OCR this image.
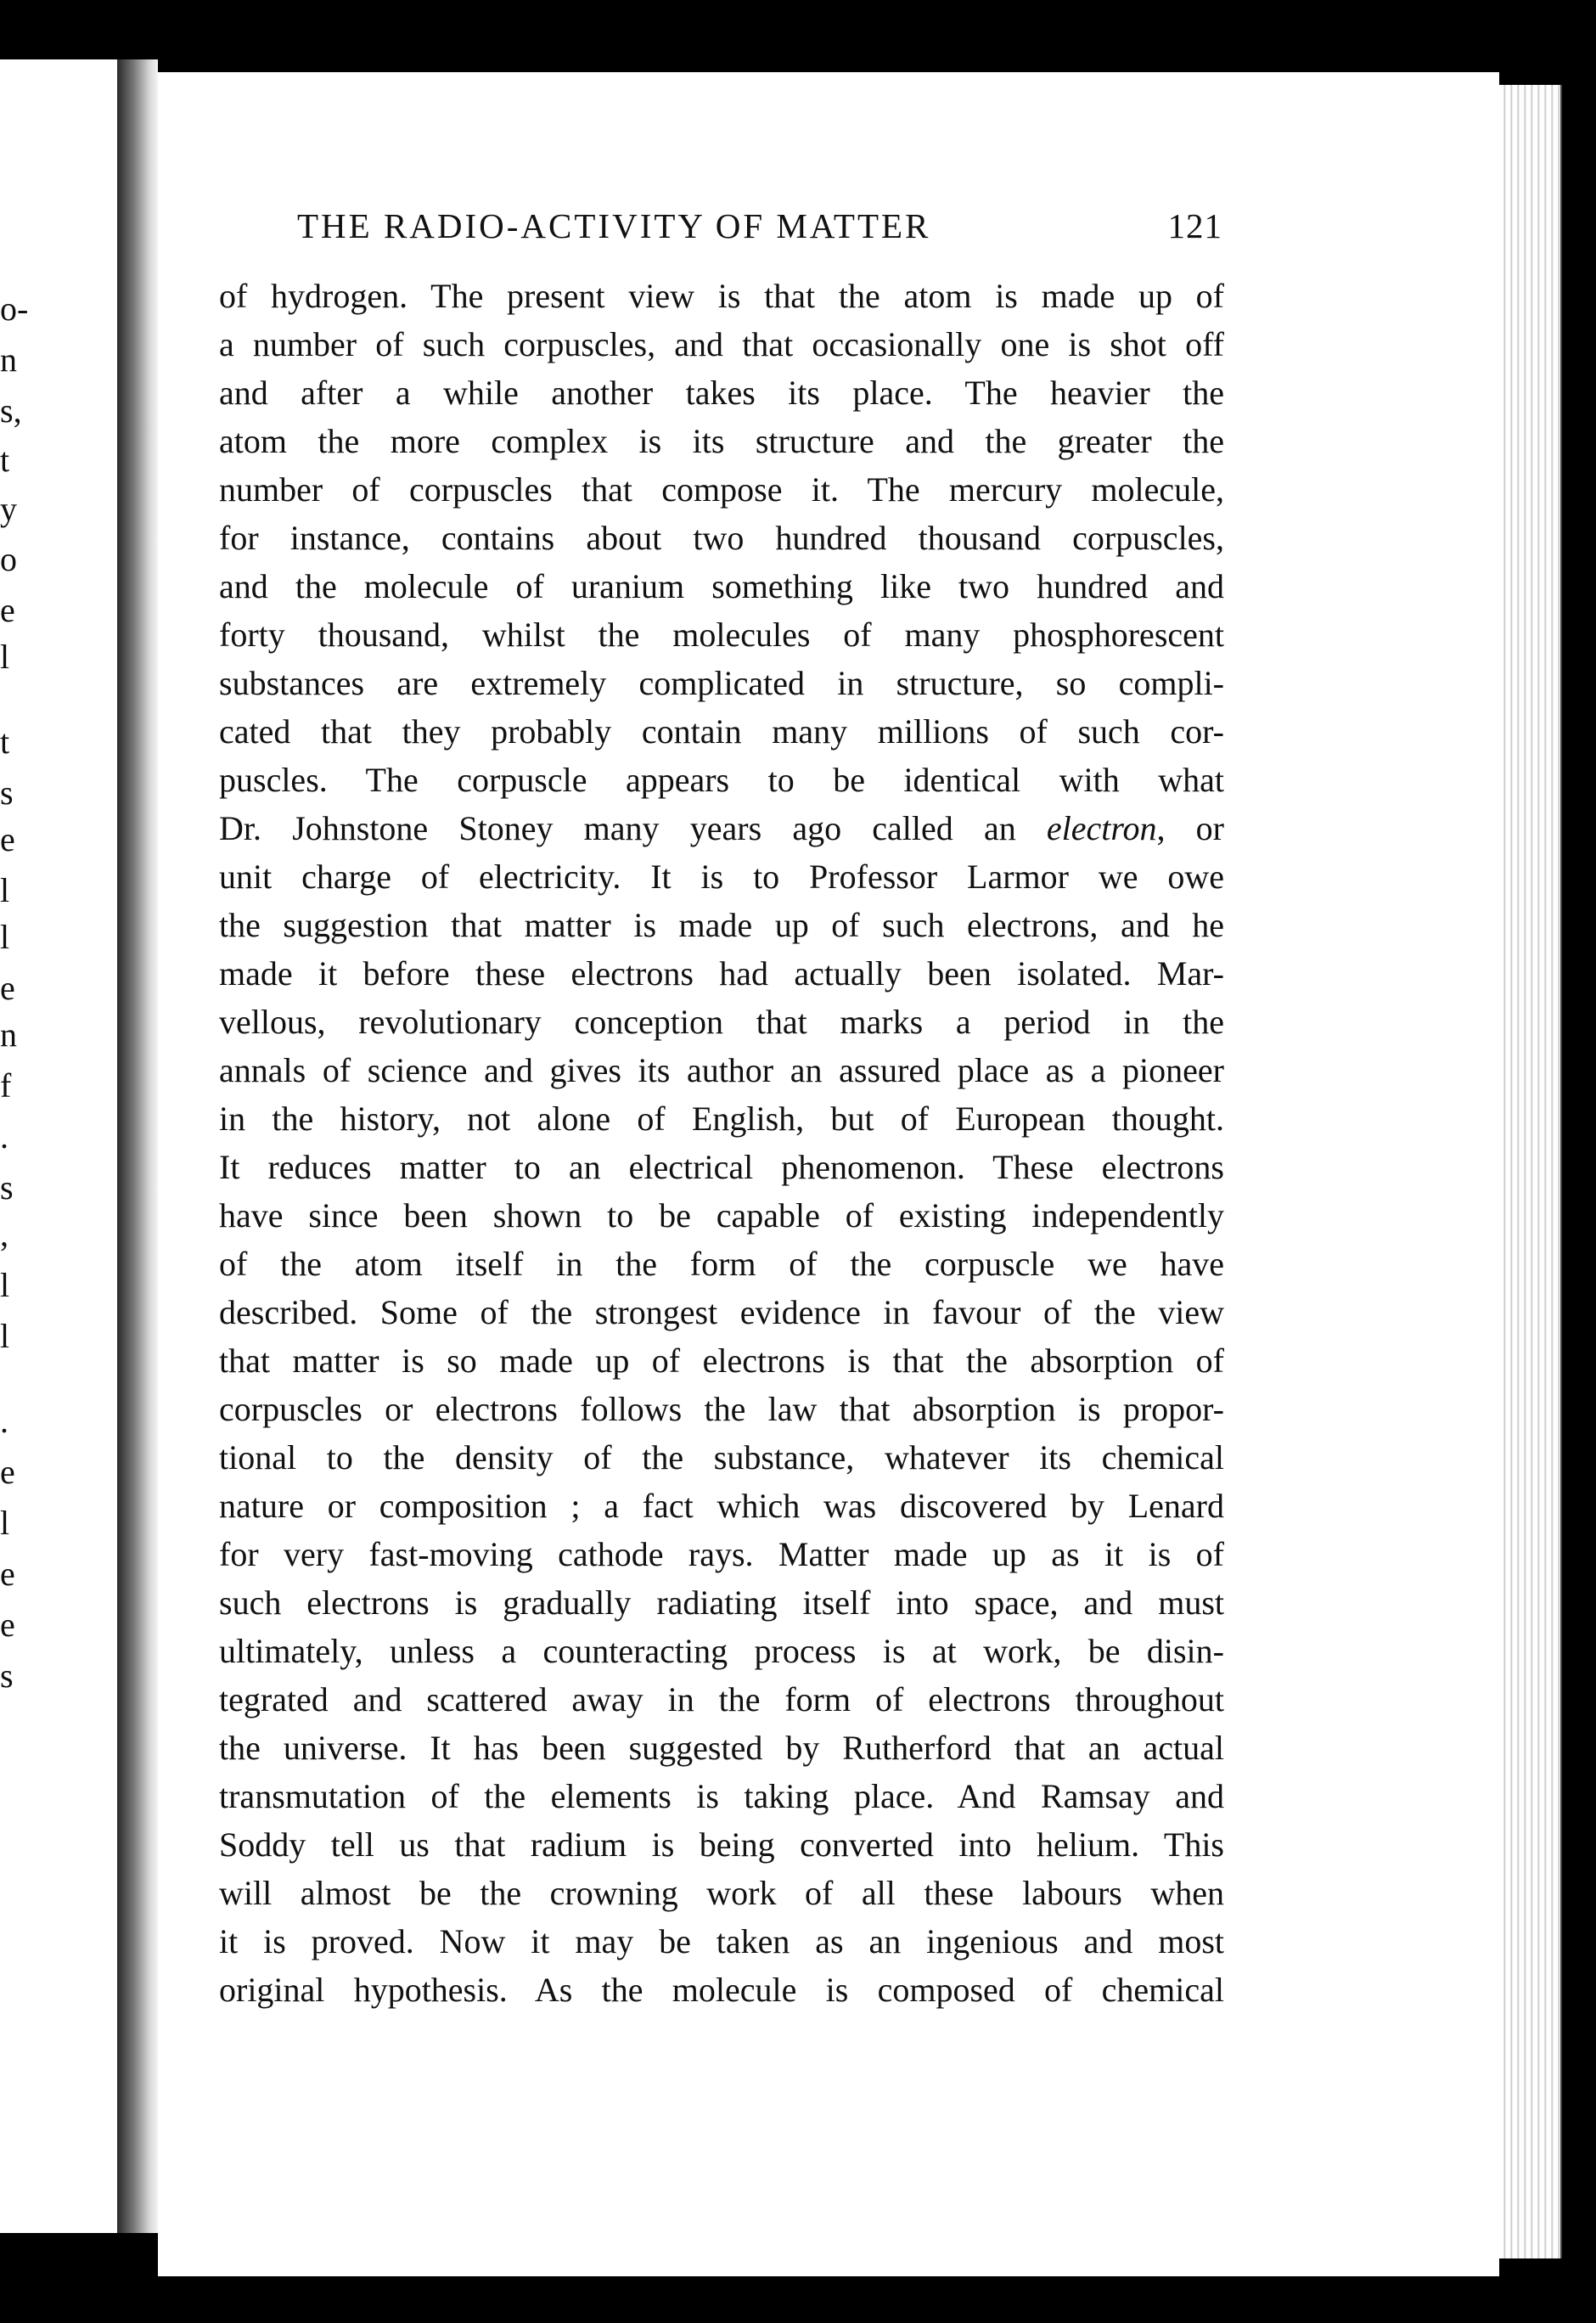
o-
n
s,
t
y
o
e
l
t
s
e
l
l
e
n
f
.
s
,
l
l
.
e
l
e
e
s
THE RADIO-ACTIVITY OF MATTER	121
of hydrogen. The present view is that the atom is made up of
a number of such corpuscles, and that occasionally one is shot off
and after a while another takes its place. The heavier the
atom the more complex is its structure and the greater the
number of corpuscles that compose it. The mercury molecule,
for instance, contains about two hundred thousand corpuscles,
and the molecule of uranium something like two hundred and
forty thousand, whilst the molecules of many phosphorescent
substances are extremely complicated in structure, so compli-
cated that they probably contain many millions of such cor-
puscles. The corpuscle appears to be identical with what
Dr. Johnstone Stoney many years ago called an electron, or
unit charge of electricity. It is to Professor Larmor we owe
the suggestion that matter is made up of such electrons, and he
made it before these electrons had actually been isolated. Mar-
vellous, revolutionary conception that marks a period in the
annals of science and gives its author an assured place as a pioneer
in the history, not alone of English, but of European thought.
It reduces matter to an electrical phenomenon. These electrons
have since been shown to be capable of existing independently
of the atom itself in the form of the corpuscle we have
described. Some of the strongest evidence in favour of the view
that matter is so made up of electrons is that the absorption of
corpuscles or electrons follows the law that absorption is propor-
tional to the density of the substance, whatever its chemical
nature or composition ; a fact which was discovered by Lenard
for very fast-moving cathode rays. Matter made up as it is of
such electrons is gradually radiating itself into space, and must
ultimately, unless a counteracting process is at work, be disin-
tegrated and scattered away in the form of electrons throughout
the universe. It has been suggested by Rutherford that an actual
transmutation of the elements is taking place. And Ramsay and
Soddy tell us that radium is being converted into helium. This
will almost be the crowning work of all these labours when
it is proved. Now it may be taken as an ingenious and most
original hypothesis. As the molecule is composed of chemical
